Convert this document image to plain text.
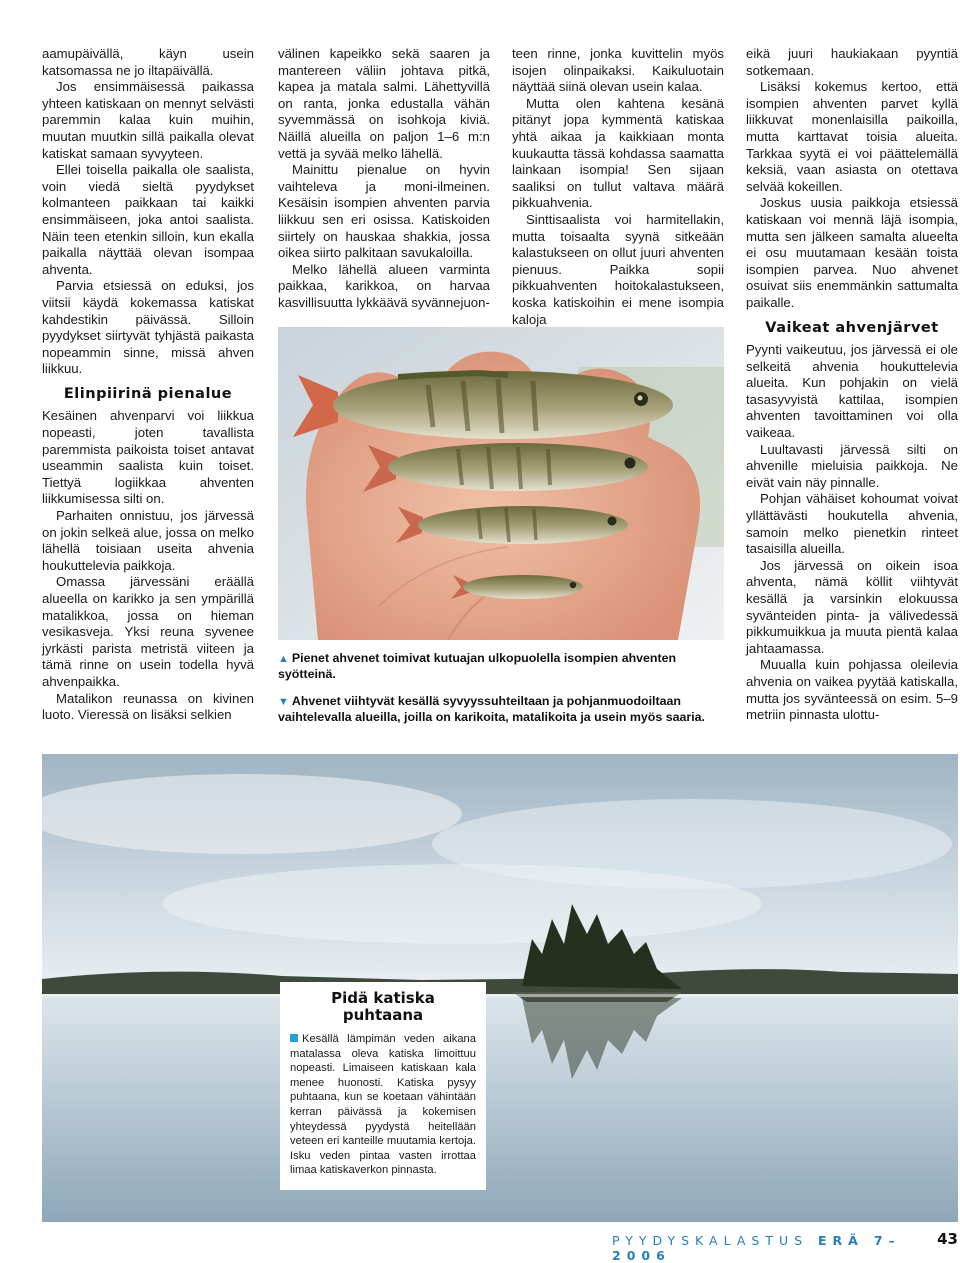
aamupäivällä, käyn usein katsomassa ne jo iltapäivällä.

Jos ensimmäisessä paikassa yhteen katiskaan on mennyt selvästi paremmin kalaa kuin muihin, muutan muutkin sillä paikalla olevat katiskat samaan syvyyteen.

Ellei toisella paikalla ole saalista, voin viedä sieltä pyydykset kolmanteen paikkaan tai kaikki ensimmäiseen, joka antoi saalista. Näin teen etenkin silloin, kun ekalla paikalla näyttää olevan isompaa ahventa.

Parvia etsiessä on eduksi, jos viitsii käydä kokemassa katiskat kahdestikin päivässä. Silloin pyydykset siirtyvät tyhjästä paikasta nopeammin sinne, missä ahven liikkuu.

Elinpiirinä pienalue

Kesäinen ahvenparvi voi liikkua nopeasti, joten tavallista paremmista paikoista toiset antavat useammin saalista kuin toiset. Tiettyä logiikkaa ahventen liikkumisessa silti on.

Parhaiten onnistuu, jos järvessä on jokin selkeä alue, jossa on melko lähellä toisiaan useita ahvenia houkuttelevia paikkoja.

Omassa järvessäni eräällä alueella on karikko ja sen ympärillä matalikkoa, jossa on hieman vesikasveja. Yksi reuna syvenee jyrkästi parista metristä viiteen ja tämä rinne on usein todella hyvä ahvenpaikka.

Matalikon reunassa on kivinen luoto. Vieressä on lisäksi selkien

välinen kapeikko sekä saaren ja mantereen väliin johtava pitkä, kapea ja matala salmi. Lähettyvillä on ranta, jonka edustalla vähän syvemmässä on isohkoja kiviä. Näillä alueilla on paljon 1–6 m:n vettä ja syvää melko lähellä.

Mainittu pienalue on hyvin vaihteleva ja moni-ilmeinen. Kesäisin isompien ahventen parvia liikkuu sen eri osissa. Katiskoiden siirtely on hauskaa shakkia, jossa oikea siirto palkitaan savukaloilla.

Melko lähellä alueen varminta paikkaa, karikkoa, on harvaa kasvillisuutta lykkäävä syvännejuon-

teen rinne, jonka kuvittelin myös isojen olinpaikaksi. Kaikuluotain näyttää siinä olevan usein kalaa.

Mutta olen kahtena kesänä pitänyt jopa kymmentä katiskaa yhtä aikaa ja kaikkiaan monta kuukautta tässä kohdassa saamatta lainkaan isompia! Sen sijaan saaliksi on tullut valtava määrä pikkuahvenia.

Sinttisaalista voi harmitellakin, mutta toisaalta syynä sitkeään kalastukseen on ollut juuri ahventen pienuus. Paikka sopii pikkuahventen hoitokalastukseen, koska katiskoihin ei mene isompia kaloja

eikä juuri haukiakaan pyyntiä sotkemaan.

Lisäksi kokemus kertoo, että isompien ahventen parvet kyllä liikkuvat monenlaisilla paikoilla, mutta karttavat toisia alueita. Tarkkaa syytä ei voi päättelemällä keksiä, vaan asiasta on otettava selvää kokeillen.

Joskus uusia paikkoja etsiessä katiskaan voi mennä läjä isompia, mutta sen jälkeen samalta alueelta ei osu muutamaan kesään toista isompien parvea. Nuo ahvenet osuivat siis enemmänkin sattumalta paikalle.

Vaikeat ahvenjärvet

Pyynti vaikeutuu, jos järvessä ei ole selkeitä ahvenia houkuttelevia alueita. Kun pohjakin on vielä tasasyvyistä kattilaa, isompien ahventen tavoittaminen voi olla vaikeaa.

Luultavasti järvessä silti on ahvenille mieluisia paikkoja. Ne eivät vain näy pinnalle.

Pohjan vähäiset kohoumat voivat yllättävästi houkutella ahvenia, samoin melko pienetkin rinteet tasaisilla alueilla.

Jos järvessä on oikein isoa ahventa, nämä köllit viihtyvät kesällä ja varsinkin elokuussa syvänteiden pinta- ja välivedessä pikkumuikkua ja muuta pientä kalaa jahtaamassa.

Muualla kuin pohjassa oleilevia ahvenia on vaikea pyytää katiskalla, mutta jos syvänteessä on esim. 5–9 metriin pinnasta ulottu-

▲ Pienet ahvenet toimivat kutuajan ulkopuolella isompien ahventen syötteinä.
▼ Ahvenet viihtyvät kesällä syvyyssuhteiltaan ja pohjanmuodoiltaan vaihtelevalla alueilla, joilla on karikoita, matalikoita ja usein myös saaria.
Pidä katiska puhtaana

Kesällä lämpimän veden aikana matalassa oleva katiska limoittuu nopeasti. Limaiseen katiskaan kala menee huonosti. Katiska pysyy puhtaana, kun se koetaan vähintään kerran päivässä ja kokemisen yhteydessä pyydystä heitellään veteen eri kanteille muutamia kertoja. Isku veden pintaa vasten irrottaa limaa katiskaverkon pinnasta.

PYYDYSKALASTUS ERÄ 7–2006
43
